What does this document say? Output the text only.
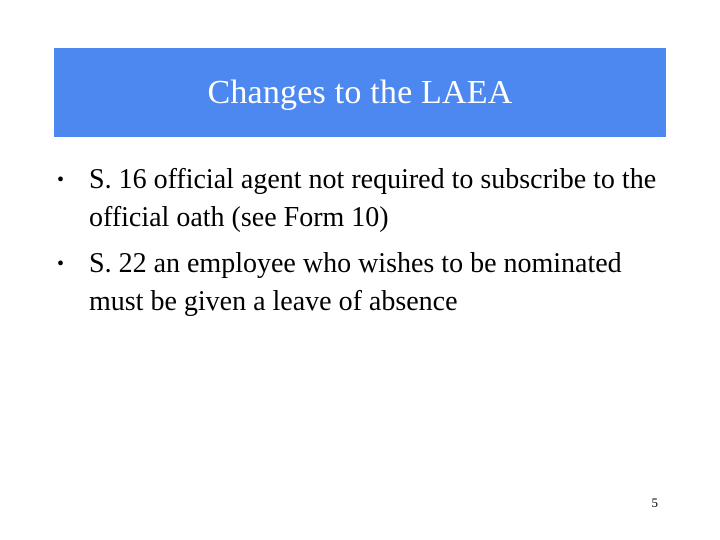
Changes to the LAEA
• S. 16 official agent not required to subscribe to the official oath (see Form 10)
• S. 22 an employee who wishes to be nominated must be given a leave of absence
5
